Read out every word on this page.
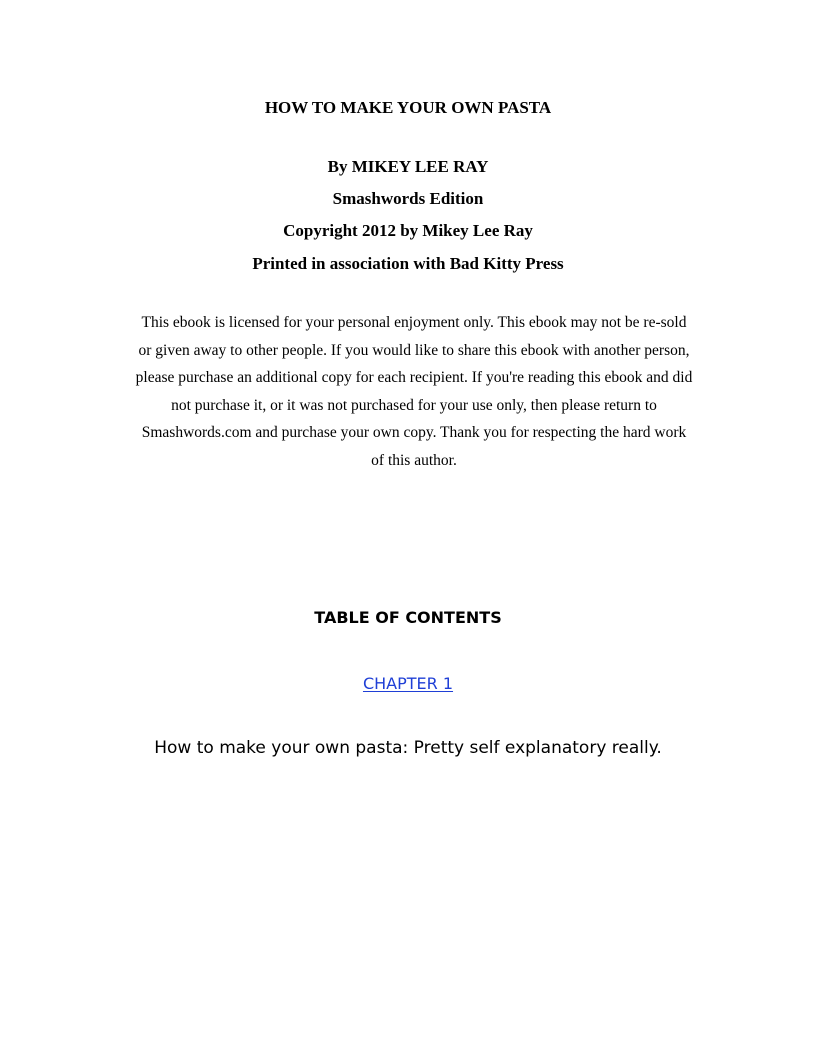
HOW TO MAKE YOUR OWN PASTA
By MIKEY LEE RAY
Smashwords Edition
Copyright 2012 by Mikey Lee Ray
Printed in association with Bad Kitty Press
This ebook is licensed for your personal enjoyment only. This ebook may not be re-sold
or given away to other people. If you would like to share this ebook with another person,
please purchase an additional copy for each recipient. If you're reading this ebook and did
not purchase it, or it was not purchased for your use only, then please return to
Smashwords.com and purchase your own copy. Thank you for respecting the hard work
of this author.
TABLE OF CONTENTS
CHAPTER 1
How to make your own pasta: Pretty self explanatory really.
